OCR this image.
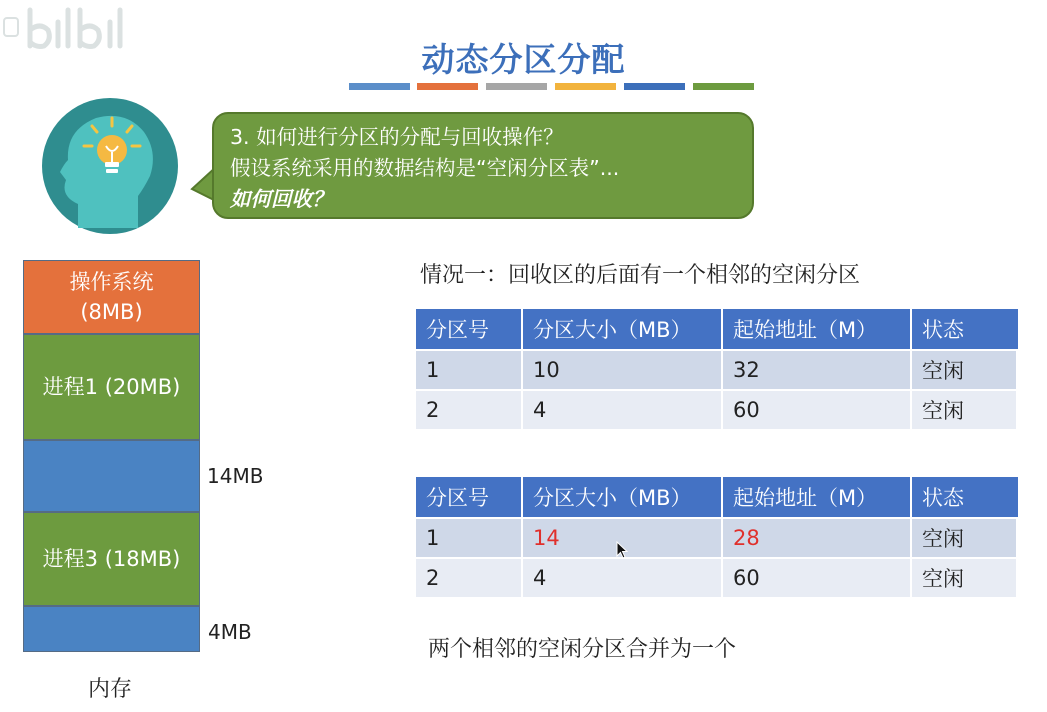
动态分区分配
3. 如何进行分区的分配与回收操作？
假设系统采用的数据结构是“空闲分区表”...
如何回收？
操作系统
(8MB)
进程1 (20MB)
进程3 (18MB)
14MB
4MB
内存
情况一：回收区的后面有一个相邻的空闲分区
分区号	分区大小（MB）	起始地址（M）	状态
1	10	32	空闲
2	4	60	空闲
分区号	分区大小（MB）	起始地址（M）	状态
1	14	28	空闲
2	4	60	空闲
两个相邻的空闲分区合并为一个
